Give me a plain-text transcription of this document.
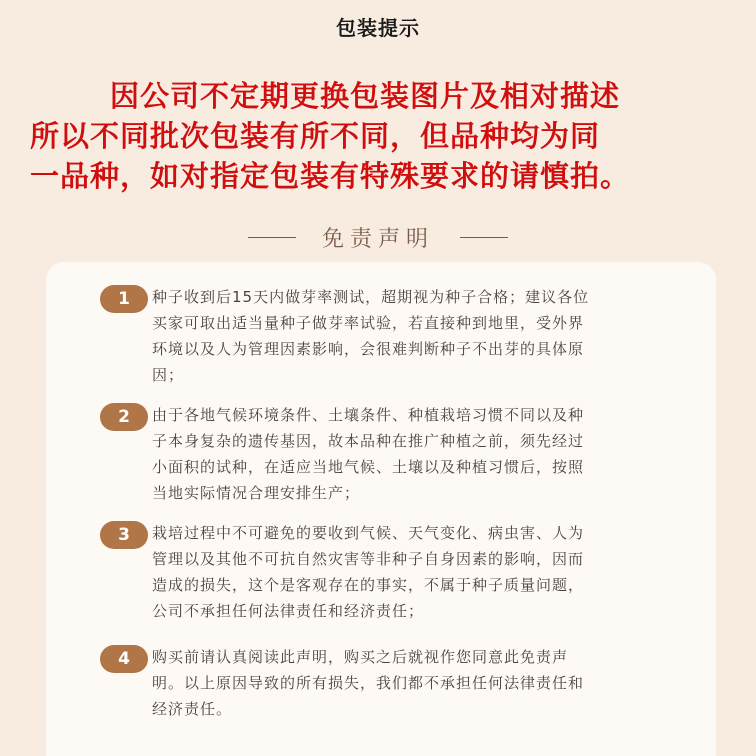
包装提示
因公司不定期更换包装图片及相对描述
所以不同批次包装有所不同，但品种均为同
一品种，如对指定包装有特殊要求的请慎拍。
免责声明
1	种子收到后15天内做芽率测试，超期视为种子合格；建议各位
买家可取出适当量种子做芽率试验，若直接种到地里，受外界
环境以及人为管理因素影响，会很难判断种子不出芽的具体原
因；
2	由于各地气候环境条件、土壤条件、种植栽培习惯不同以及种
子本身复杂的遗传基因，故本品种在推广种植之前，须先经过
小面积的试种，在适应当地气候、土壤以及种植习惯后，按照
当地实际情况合理安排生产；
3	栽培过程中不可避免的要收到气候、天气变化、病虫害、人为
管理以及其他不可抗自然灾害等非种子自身因素的影响，因而
造成的损失，这个是客观存在的事实，不属于种子质量问题，
公司不承担任何法律责任和经济责任；
4	购买前请认真阅读此声明，购买之后就视作您同意此免责声
明。以上原因导致的所有损失，我们都不承担任何法律责任和
经济责任。
